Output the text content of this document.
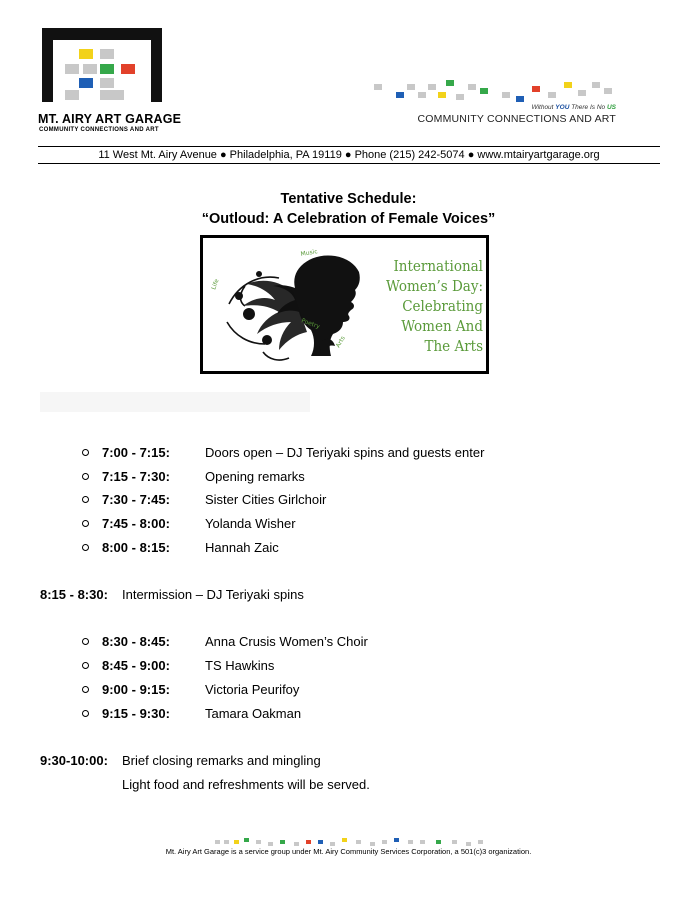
MT. AIRY ART GARAGE
COMMUNITY CONNECTIONS AND ART
Without YOU There Is No US
COMMUNITY CONNECTIONS AND ART
11 West Mt. Airy Avenue ● Philadelphia, PA 19119 ● Phone (215) 242-5074 ● www.mtairyartgarage.org
Tentative Schedule:
“Outloud: A Celebration of Female Voices”
Music
Life
Poetry
Arts
International
Women’s Day:
Celebrating
Women And
The Arts
7:00 - 7:15:	Doors open – DJ Teriyaki spins and guests enter
7:15 - 7:30:	Opening remarks
7:30 - 7:45:	Sister Cities Girlchoir
7:45 - 8:00:	Yolanda Wisher
8:00 - 8:15:	Hannah Zaic
8:15 - 8:30: Intermission – DJ Teriyaki spins
8:30 - 8:45:	Anna Crusis Women’s Choir
8:45 - 9:00:	TS Hawkins
9:00 - 9:15:	Victoria Peurifoy
9:15 - 9:30:	Tamara Oakman
9:30-10:00: Brief closing remarks and mingling
Light food and refreshments will be served.
Mt. Airy Art Garage is a service group under Mt. Airy Community Services Corporation, a 501(c)3 organization.
